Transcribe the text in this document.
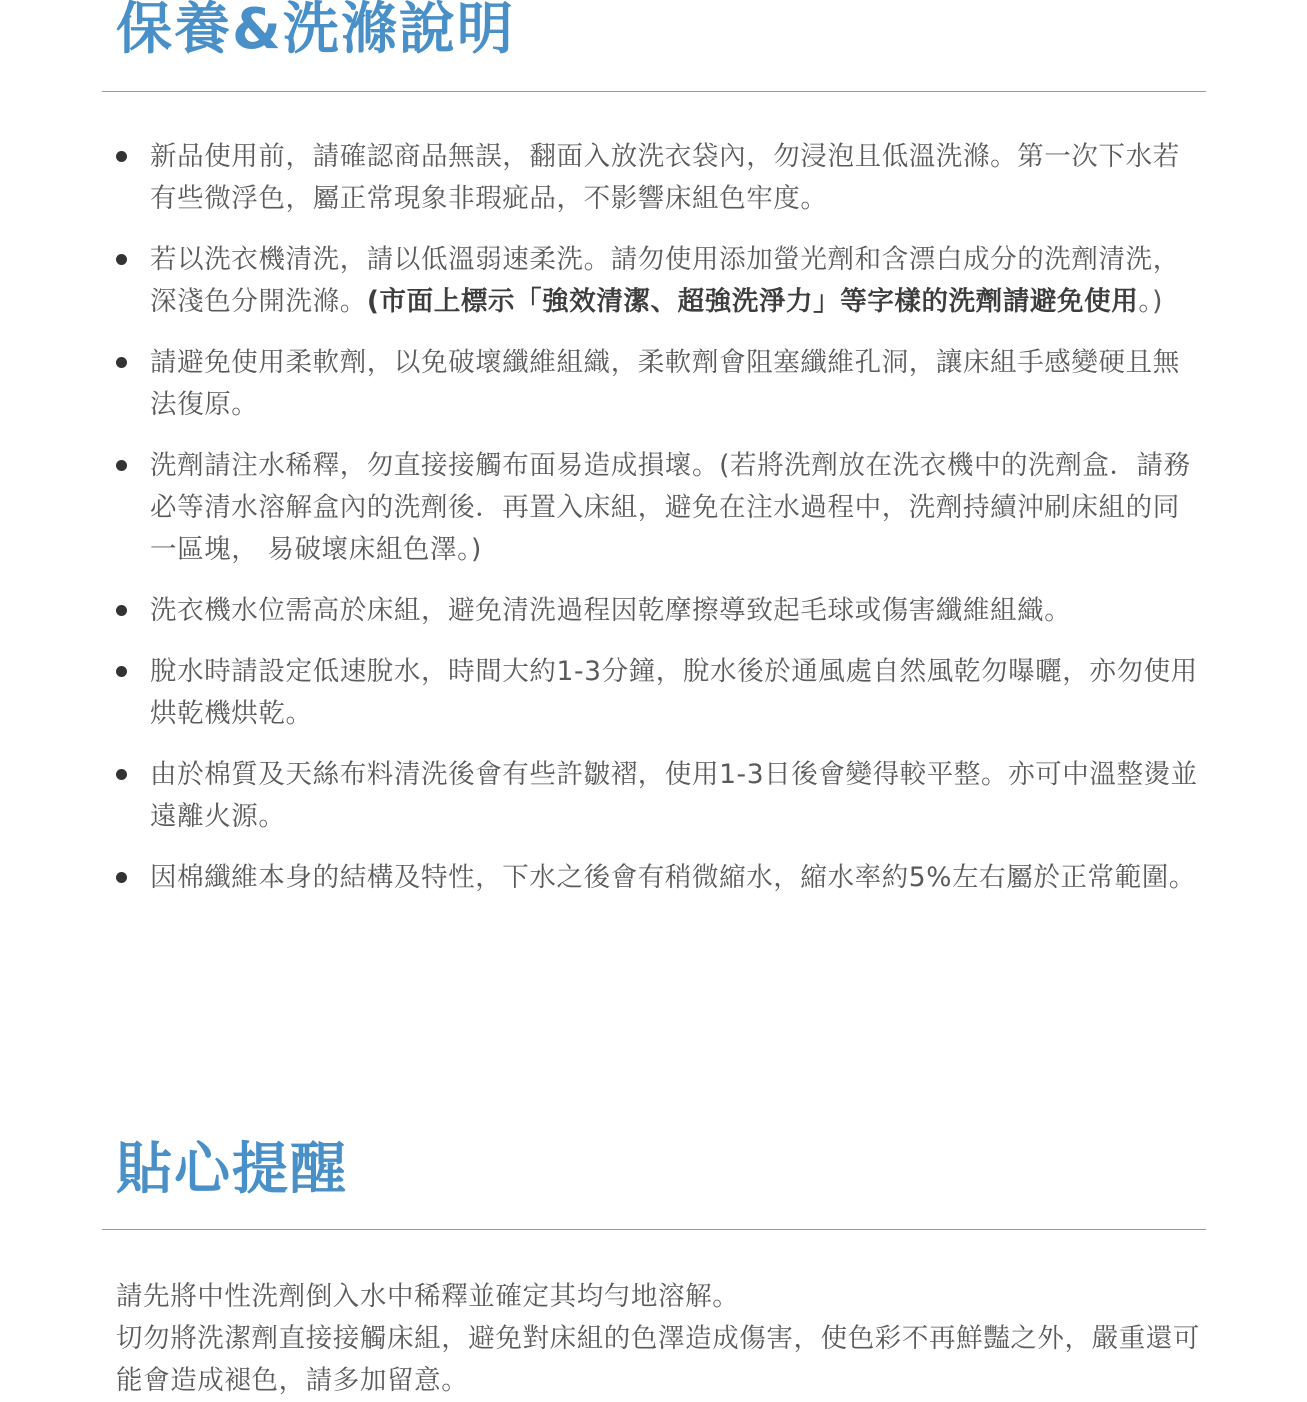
保養&洗滌說明
新品使用前，請確認商品無誤，翻面入放洗衣袋內，勿浸泡且低溫洗滌。第一次下水若有些微浮色，屬正常現象非瑕疵品，不影響床組色牢度。
若以洗衣機清洗，請以低溫弱速柔洗。請勿使用添加螢光劑和含漂白成分的洗劑清洗，深淺色分開洗滌。(市面上標示「強效清潔、超強洗淨力」等字樣的洗劑請避免使用。)
請避免使用柔軟劑，以免破壞纖維組織，柔軟劑會阻塞纖維孔洞，讓床組手感變硬且無法復原。
洗劑請注水稀釋，勿直接接觸布面易造成損壞。(若將洗劑放在洗衣機中的洗劑盒．請務必等清水溶解盒內的洗劑後．再置入床組，避免在注水過程中，洗劑持續沖刷床組的同一區塊， 易破壞床組色澤。)
洗衣機水位需高於床組，避免清洗過程因乾摩擦導致起毛球或傷害纖維組織。
脫水時請設定低速脫水，時間大約1-3分鐘，脫水後於通風處自然風乾勿曝曬，亦勿使用烘乾機烘乾。
由於棉質及天絲布料清洗後會有些許皺褶，使用1-3日後會變得較平整。亦可中溫整燙並遠離火源。
因棉纖維本身的結構及特性，下水之後會有稍微縮水，縮水率約5%左右屬於正常範圍。
貼心提醒

請先將中性洗劑倒入水中稀釋並確定其均勻地溶解。

切勿將洗潔劑直接接觸床組，避免對床組的色澤造成傷害，使色彩不再鮮豔之外，嚴重還可能會造成褪色，請多加留意。
